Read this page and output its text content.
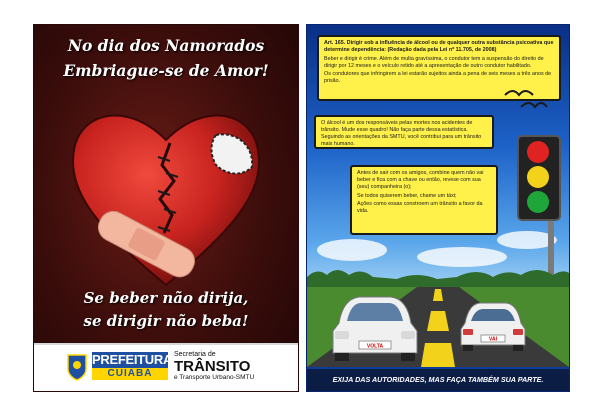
No dia dos Namorados
Embriague-se de Amor!
Se beber não dirija,
se dirigir não beba!
PREFEITURA
CUIABÁ
Secretaria de
TRÂNSITO
e Transporte Urbano-SMTU

Art. 165. Dirigir sob a influência de álcool ou de qualquer outra substância psicoativa que determine dependência: (Redação dada pela Lei nº 11.705, de 2008)

Beber e dirigir é crime. Além de multa gravíssima, o condutor tem a suspensão do direito de dirigir por 12 meses e o veículo retido até a apresentação de outro condutor habilitado.

Os condutores que infringirem a lei estarão sujeitos ainda a pena de seis meses a três anos de prisão.

O álcool é um dos responsáveis pelas mortes nos acidentes de trânsito. Mude esse quadro! Não faça parte dessa estatística. Seguindo as orientações da SMTU, você contribui para um trânsito mais humano.

Antes de sair com os amigos, combine quem não vai beber e fica com a chave ou então, revese com sua (seu) companheira (o);

Se todos quiserem beber, chame um táxi;

Ações como essas constroem um trânsito a favor da vida.

VOLTA
VAI
EXIJA DAS AUTORIDADES, MAS FAÇA TAMBÉM SUA PARTE.
